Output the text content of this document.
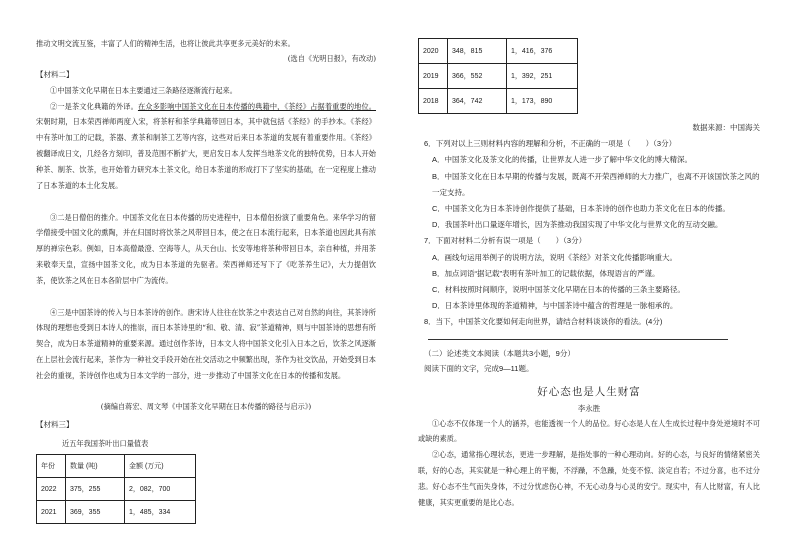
推动文明交流互鉴，丰富了人们的精神生活，也将让彼此共享更多元美好的未来。

(选自《光明日报》，有改动)

【材料二】

①中国茶文化早期在日本主要通过三条路径逐渐流行起来。

②一是茶文化典籍的外译。在众多影响中国茶文化在日本传播的典籍中，《茶经》占据着重要的地位。宋朝时期，日本荣西禅师两度入宋，将茶籽和茶学典籍带回日本，其中就包括《茶经》的手抄本。《茶经》中有茶叶加工的记载，茶器、煮茶和制茶工艺等内容，这些对后来日本茶道的发展有着重要作用。《茶经》被翻译成日文，几经各方刻印，普及范围不断扩大，更启发日本人发挥当地茶文化的独特优势，日本人开始种茶、制茶、饮茶，也开始着力研究本土茶文化，给日本茶道的形成打下了坚实的基础，在一定程度上推动了日本茶道的本土化发展。

③二是日僧侣的推介。中国茶文化在日本传播的历史进程中，日本僧侣扮演了重要角色。来华学习的留学僧接受中国文化的熏陶，并在归国时将饮茶之风带回日本，使之在日本流行起来，日本茶道也因此具有浓厚的禅宗色彩。例如，日本高僧最澄、空海等人，从天台山、长安等地将茶种带回日本，亲自种植，并用茶来敬奉天皇，宣扬中国茶文化，成为日本茶道的先驱者。荣西禅师还写下了《吃茶养生记》，大力提倡饮茶，使饮茶之风在日本各阶层中广为流传。

④三是中国茶诗的传入与日本茶诗的创作。唐宋诗人往往在饮茶之中表达自己对自然的向往，其茶诗所体现的理想也受到日本诗人的推崇，而日本茶诗里的“和、敬、清、寂”茶道精神，则与中国茶诗的思想有所契合，成为日本茶道精神的重要来源。通过创作茶诗，日本文人将中国茶文化引入日本之后，饮茶之风逐渐在上层社会流行起来，茶作为一种社交手段开始在社交活动之中频繁出现，茶作为社交饮品，开始受到日本社会的重视，茶诗创作也成为日本文学的一部分，进一步推动了中国茶文化在日本的传播和发展。

(摘编自蒋宏、周文琴《中国茶文化早期在日本传播的路径与启示》)

【材料三】

近五年我国茶叶出口量值表

年份	数量 (吨)	金额 (万元)
2022	375，255	2，082，700
2021	369，355	1，485，334
2020	348，815	1，416，376
2019	366，552	1，392，251
2018	364，742	1，173，890

数据来源：中国海关

6．下列对以上三则材料内容的理解和分析，不正确的一项是（　　）（3分）

A．中国茶文化及茶文化的传播，让世界友人进一步了解中华文化的博大精深。

B．中国茶文化在日本早期的传播与发展，既离不开荣西禅师的大力推广，也离不开该国饮茶之风的一定支持。

C．中国茶文化为日本茶诗创作提供了基础，日本茶诗的创作也助力茶文化在日本的传播。

D．我国茶叶出口量逐年增长，因为茶推动我国实现了中华文化与世界文化的互动交融。

7．下面对材料二分析有误一项是（　　）（3分）

A．画线句运用举例子的说明方法，说明《茶经》对茶文化传播影响重大。

B．加点词语“据记载”表明有茶叶加工的记载依据，体现语言的严谨。

C．材料按照时间顺序，说明中国茶文化早期在日本的传播的三条主要路径。

D．日本茶诗里体现的茶道精神，与中国茶诗中蕴含的哲理是一脉相承的。

8．当下，中国茶文化要如何走向世界，请结合材料谈谈你的看法。(4分)

（二）论述类文本阅读（本题共3小题，9分）

阅读下面的文字，完成9—11题。

好心态也是人生财富

李永胜

①心态不仅体现一个人的涵养，也能透视一个人的品位。好心态是人在人生成长过程中身处逆境时不可或缺的素质。

②心态，通常指心理状态，更进一步理解，是指处事的一种心理动向。好的心态，与良好的情绪紧密关联，好的心态，其实就是一种心理上的平衡，不浮躁，不急躁，处变不惊、淡定自若；不过分喜，也不过分悲。好心态不生气而失身体，不过分忧虑伤心神，不无心动身与心灵的安宁。现实中，有人比财富，有人比健康，其实更重要的是比心态。
